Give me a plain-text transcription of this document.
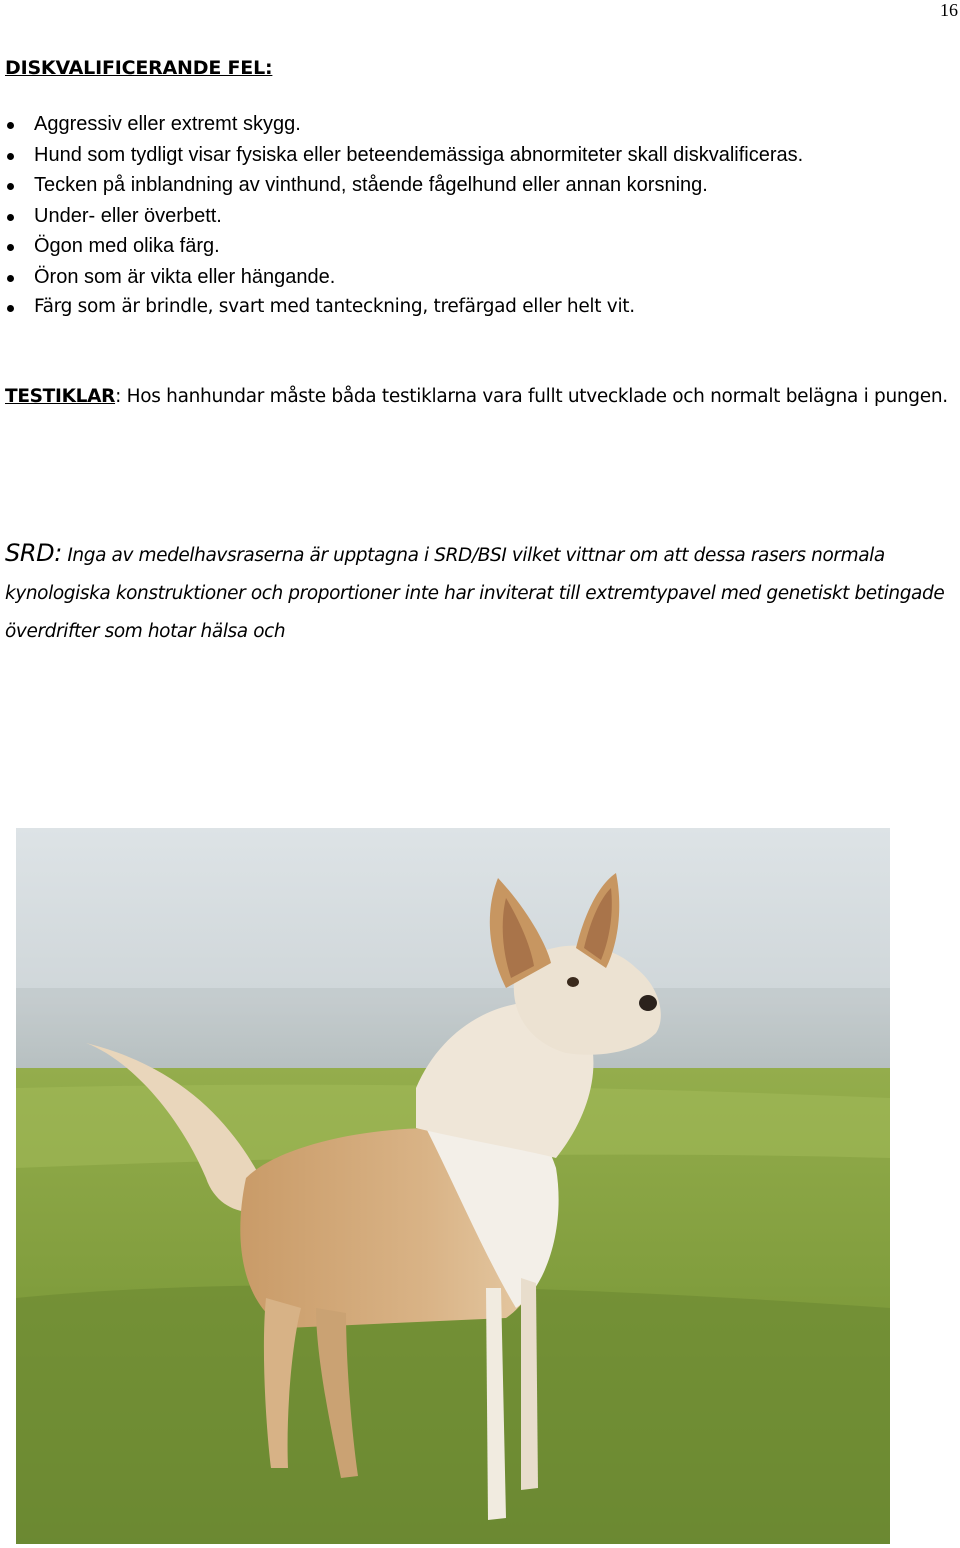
16
DISKVALIFICERANDE FEL:
Aggressiv eller extremt skygg.
Hund som tydligt visar fysiska eller beteendemässiga abnormiteter skall diskvalificeras.
Tecken på inblandning av vinthund, stående fågelhund eller annan korsning.
Under- eller överbett.
Ögon med olika färg.
Öron som är vikta eller hängande.
Färg som är brindle, svart med tanteckning, trefärgad eller helt vit.
TESTIKLAR: Hos hanhundar måste båda testiklarna vara fullt utvecklade och normalt belägna i pungen.
SRD: Inga av medelhavsraserna är upptagna i SRD/BSI vilket vittnar om att dessa rasers normala kynologiska konstruktioner och proportioner inte har inviterat till extremtypavel med genetiskt betingade överdrifter som hotar hälsa och
